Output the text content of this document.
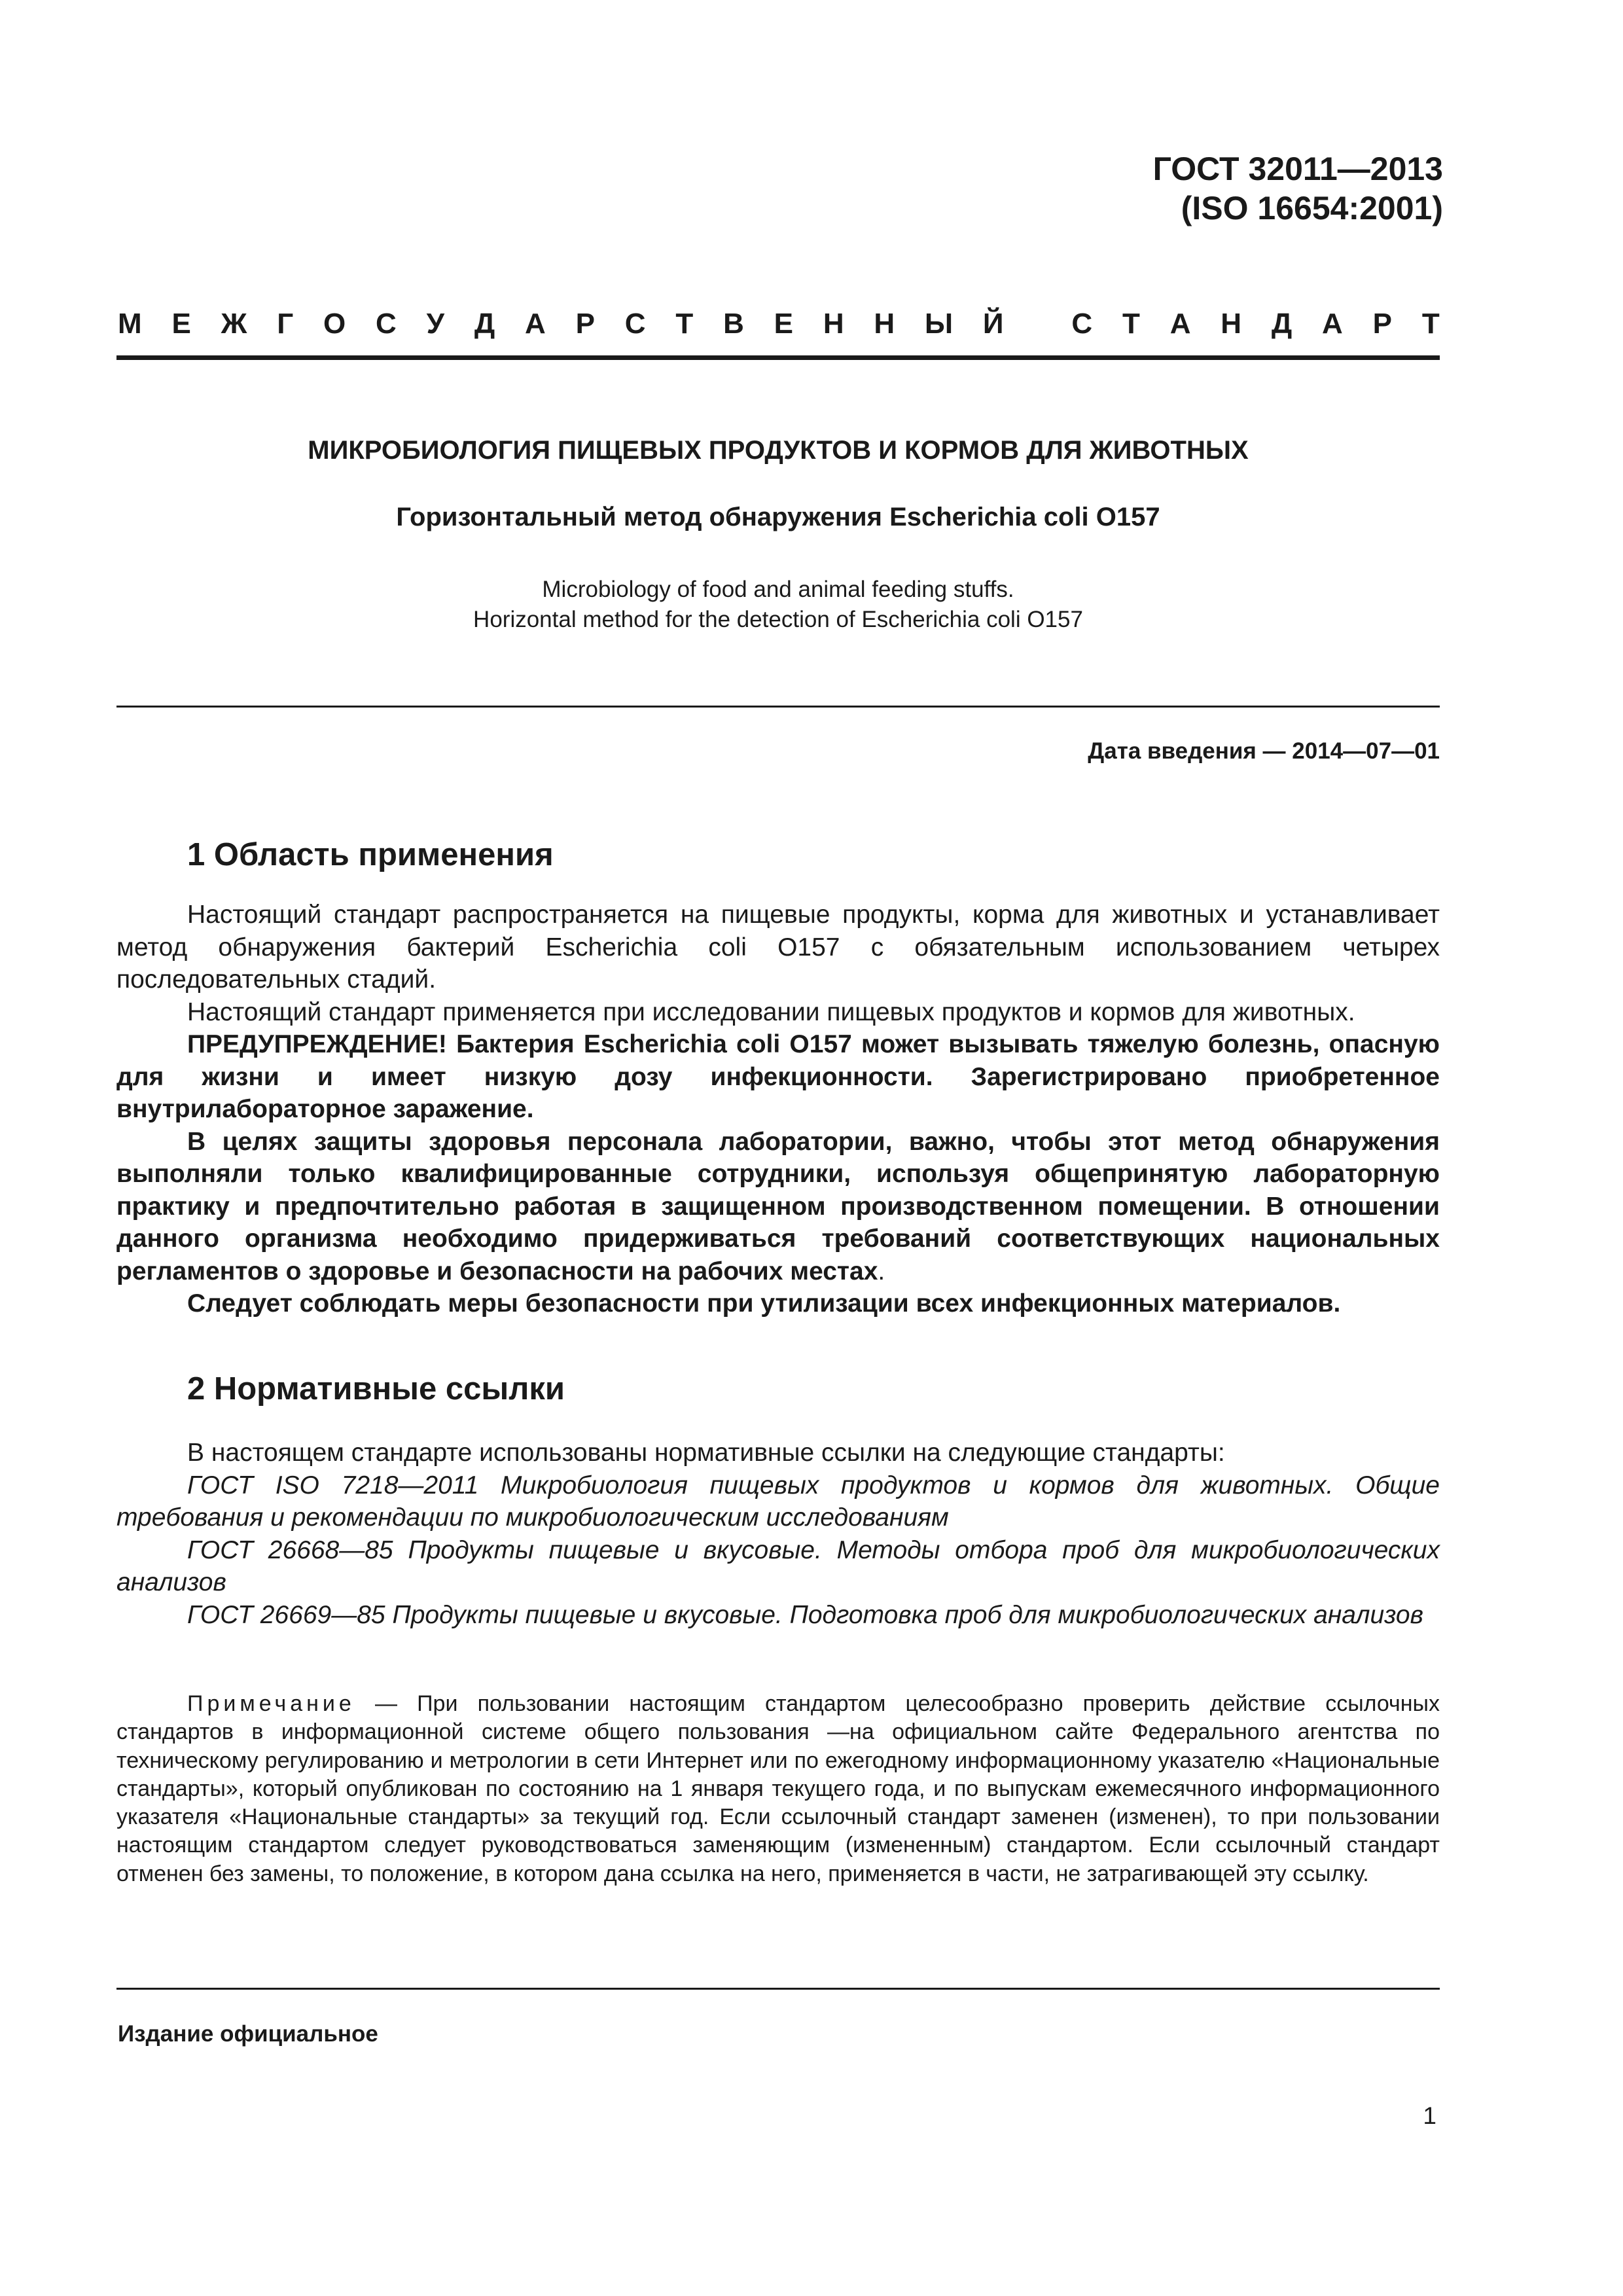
ГОСТ 32011—2013
(ISO 16654:2001)
М Е Ж Г О С У Д А Р С Т В Е Н Н Ы Й
С Т А Н Д А Р Т
МИКРОБИОЛОГИЯ ПИЩЕВЫХ ПРОДУКТОВ И КОРМОВ ДЛЯ ЖИВОТНЫХ
Горизонтальный метод обнаружения Escherichia coli O157
Microbiology of food and animal feeding stuffs.
Horizontal method for the detection of Escherichia coli O157
Дата введения — 2014—07—01
1 Область применения

Настоящий стандарт распространяется на пищевые продукты, корма для животных и устанавливает метод обнаружения бактерий Escherichia coli O157 с обязательным использованием четырех последовательных стадий.

Настоящий стандарт применяется при исследовании пищевых продуктов и кормов для животных.

ПРЕДУПРЕЖДЕНИЕ! Бактерия Escherichia coli O157 может вызывать тяжелую болезнь, опасную для жизни и имеет низкую дозу инфекционности. Зарегистрировано приобретенное внутрилабораторное заражение.

В целях защиты здоровья персонала лаборатории, важно, чтобы этот метод обнаружения выполняли только квалифицированные сотрудники, используя общепринятую лабораторную практику и предпочтительно работая в защищенном производственном помещении. В отношении данного организма необходимо придерживаться требований соответствующих национальных регламентов о здоровье и безопасности на рабочих местах.

Следует соблюдать меры безопасности при утилизации всех инфекционных материалов.

2 Нормативные ссылки

В настоящем стандарте использованы нормативные ссылки на следующие стандарты:

ГОСТ ISO 7218—2011 Микробиология пищевых продуктов и кормов для животных. Общие требования и рекомендации по микробиологическим исследованиям

ГОСТ 26668—85 Продукты пищевые и вкусовые. Методы отбора проб для микробиологических анализов

ГОСТ 26669—85 Продукты пищевые и вкусовые. Подготовка проб для микробиологических анализов

Примечание — При пользовании настоящим стандартом целесообразно проверить действие ссылочных стандартов в информационной системе общего пользования —на официальном сайте Федерального агентства по техническому регулированию и метрологии в сети Интернет или по ежегодному информационному указателю «Национальные стандарты», который опубликован по состоянию на 1 января текущего года, и по выпускам ежемесячного информационного указателя «Национальные стандарты» за текущий год. Если ссылочный стандарт заменен (изменен), то при пользовании настоящим стандартом следует руководствоваться заменяющим (измененным) стандартом. Если ссылочный стандарт отменен без замены, то положение, в котором дана ссылка на него, применяется в части, не затрагивающей эту ссылку.

Издание официальное
1
